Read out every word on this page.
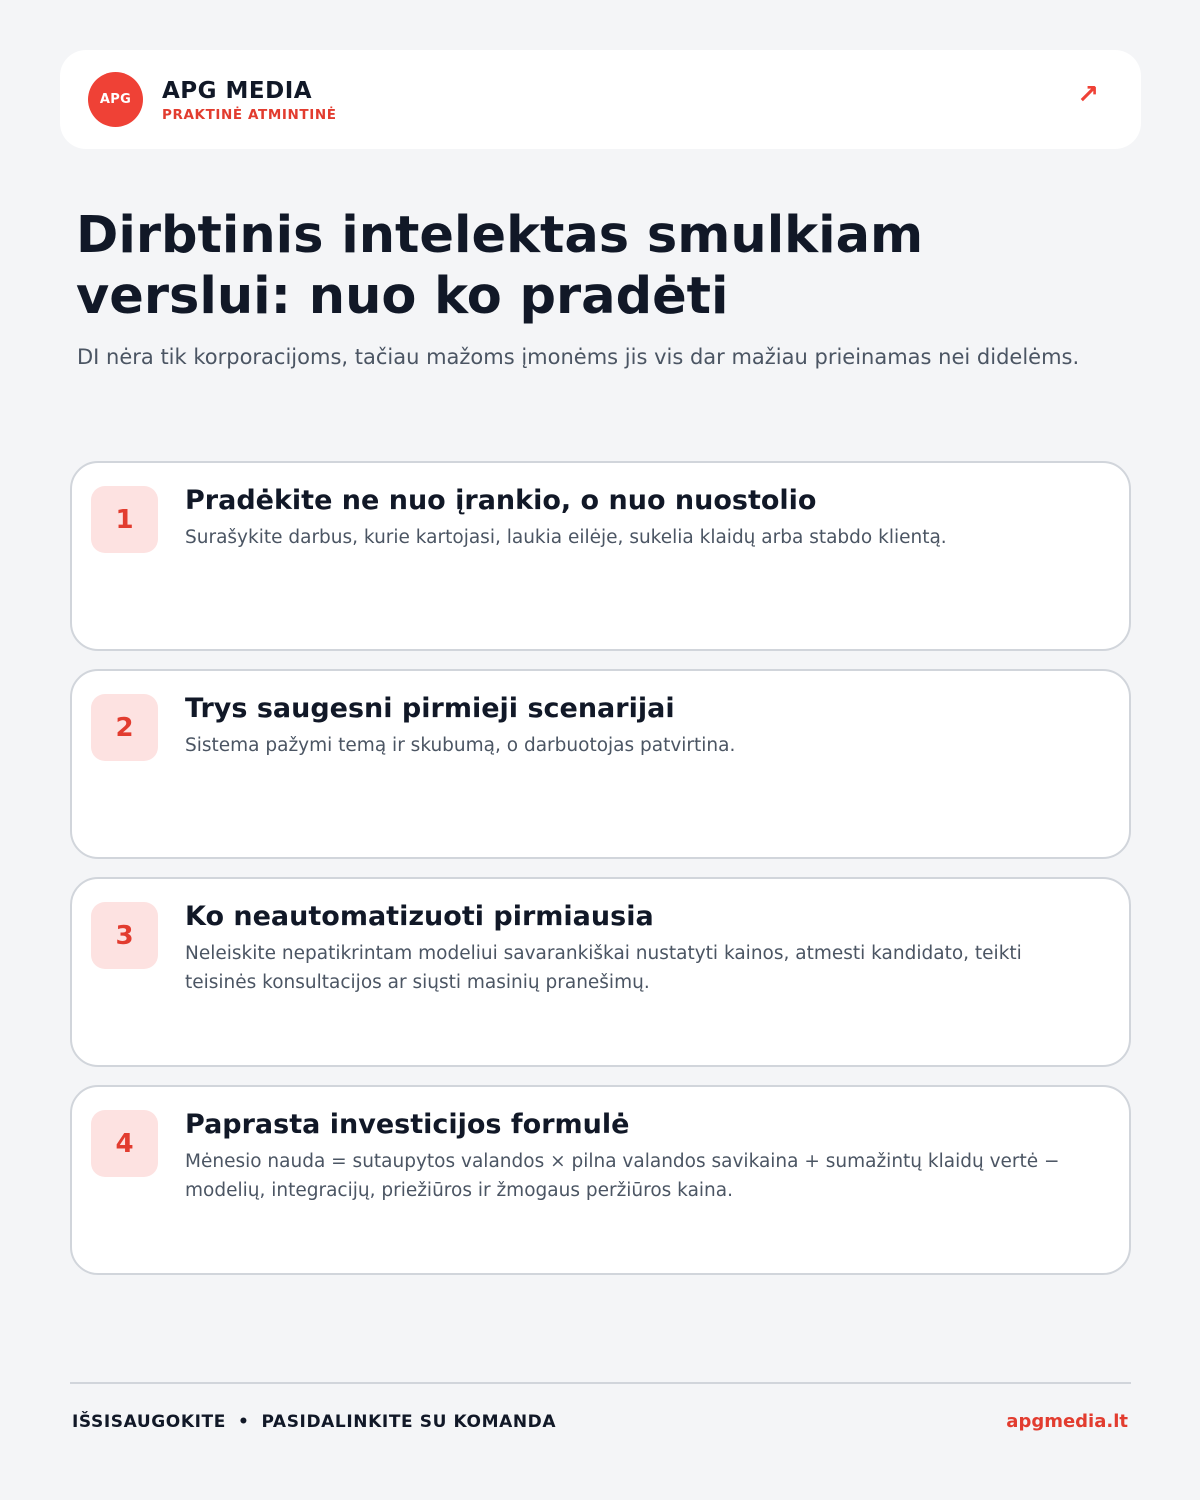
APG APG MEDIA
PRAKTINĖ ATMINTINĖ
↗
Dirbtinis intelektas smulkiam verslui: nuo ko pradėti

DI nėra tik korporacijoms, tačiau mažoms įmonėms jis vis dar mažiau prieinamas nei didelėms.

1
Pradėkite ne nuo įrankio, o nuo nuostolio
Surašykite darbus, kurie kartojasi, laukia eilėje, sukelia klaidų arba stabdo klientą.
2
Trys saugesni pirmieji scenarijai
Sistema pažymi temą ir skubumą, o darbuotojas patvirtina.
3
Ko neautomatizuoti pirmiausia
Neleiskite nepatikrintam modeliui savarankiškai nustatyti kainos, atmesti kandidato, teikti teisinės konsultacijos ar siųsti masinių pranešimų.
4
Paprasta investicijos formulė
Mėnesio nauda = sutaupytos valandos × pilna valandos savikaina + sumažintų klaidų vertė − modelių, integracijų, priežiūros ir žmogaus peržiūros kaina.
IŠSISAUGOKITE • PASIDALINKITE SU KOMANDA	apgmedia.lt
